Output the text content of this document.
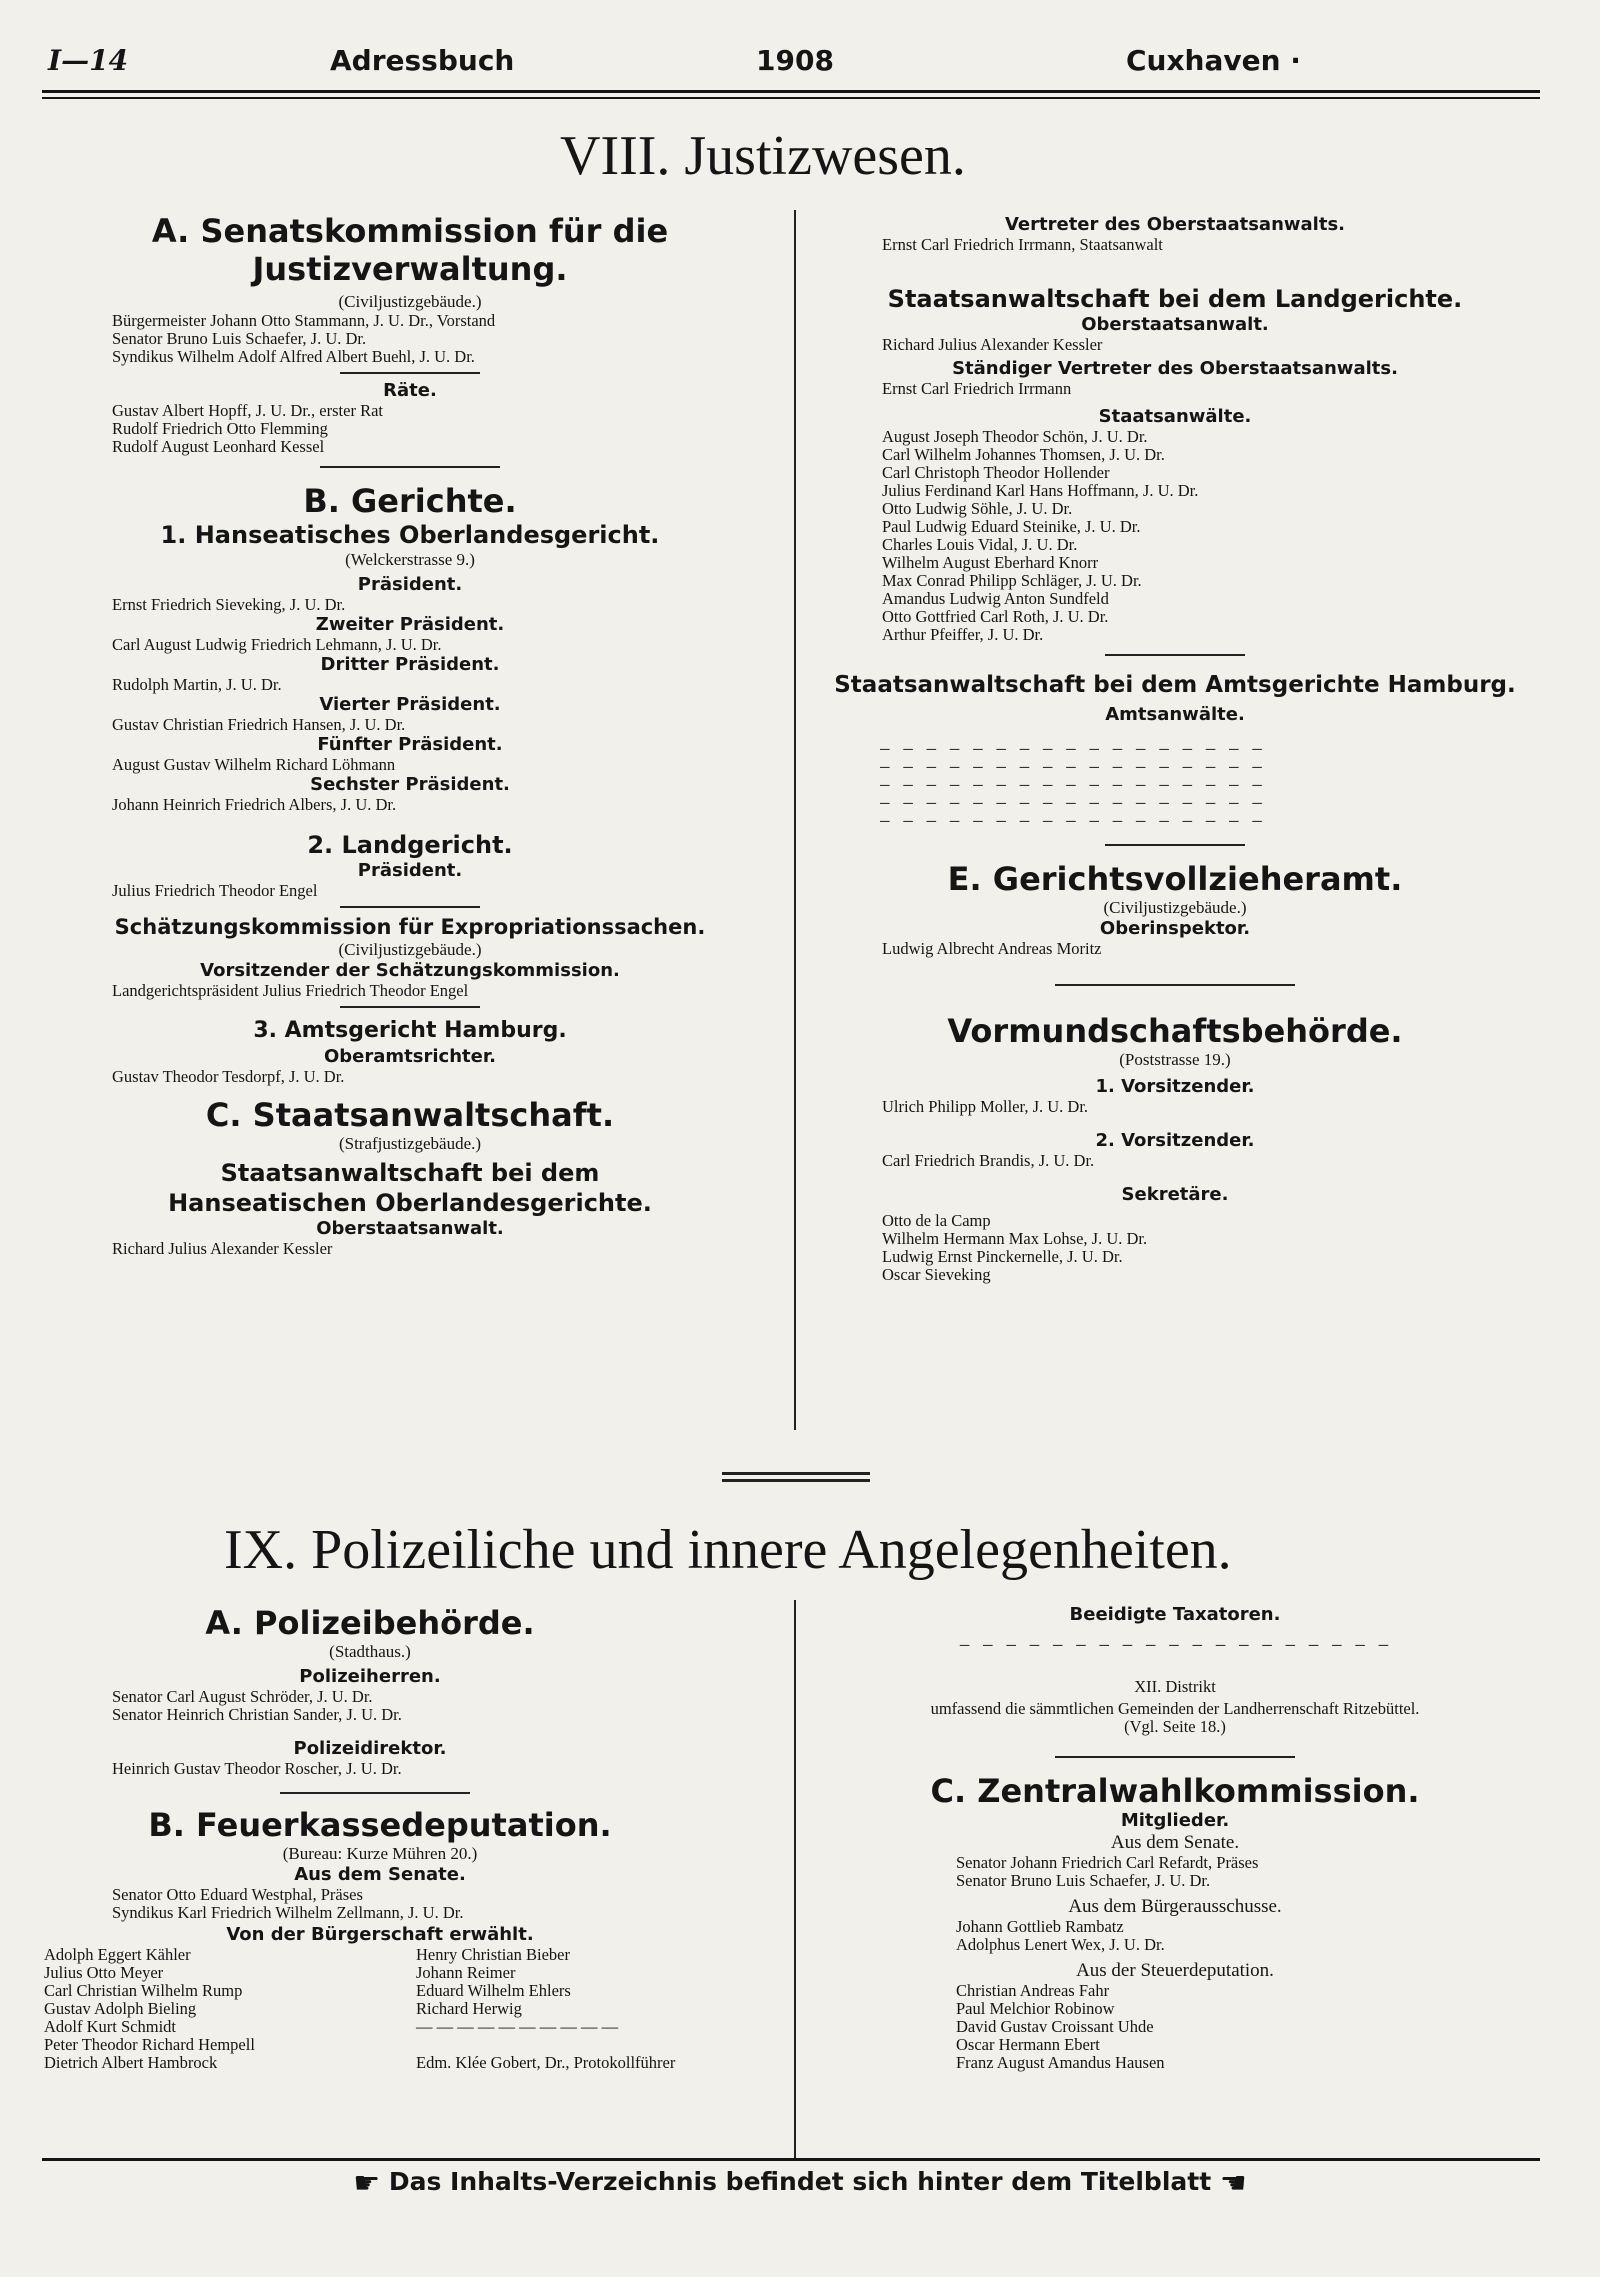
I—14	Adressbuch	1908	Cuxhaven ·
VIII. Justizwesen.
A. Senatskommission für die Justizverwaltung.
(Civiljustizgebäude.)
Bürgermeister Johann Otto Stammann, J. U. Dr., Vorstand
Senator Bruno Luis Schaefer, J. U. Dr.
Syndikus Wilhelm Adolf Alfred Albert Buehl, J. U. Dr.
Räte.
Gustav Albert Hopff, J. U. Dr., erster Rat
Rudolf Friedrich Otto Flemming
Rudolf August Leonhard Kessel
B. Gerichte.
1. Hanseatisches Oberlandesgericht.
(Welckerstrasse 9.)
Präsident.
Ernst Friedrich Sieveking, J. U. Dr.
Zweiter Präsident.
Carl August Ludwig Friedrich Lehmann, J. U. Dr.
Dritter Präsident.
Rudolph Martin, J. U. Dr.
Vierter Präsident.
Gustav Christian Friedrich Hansen, J. U. Dr.
Fünfter Präsident.
August Gustav Wilhelm Richard Löhmann
Sechster Präsident.
Johann Heinrich Friedrich Albers, J. U. Dr.
2. Landgericht.
Präsident.
Julius Friedrich Theodor Engel
Schätzungskommission für Expropriationssachen.
(Civiljustizgebäude.)
Vorsitzender der Schätzungskommission.
Landgerichtspräsident Julius Friedrich Theodor Engel
3. Amtsgericht Hamburg.
Oberamtsrichter.
Gustav Theodor Tesdorpf, J. U. Dr.
C. Staatsanwaltschaft.
(Strafjustizgebäude.)
Staatsanwaltschaft bei dem Hanseatischen Oberlandesgerichte.
Oberstaatsanwalt.
Richard Julius Alexander Kessler
Vertreter des Oberstaatsanwalts.
Ernst Carl Friedrich Irrmann, Staatsanwalt
Staatsanwaltschaft bei dem Landgerichte.
Oberstaatsanwalt.
Richard Julius Alexander Kessler
Ständiger Vertreter des Oberstaatsanwalts.
Ernst Carl Friedrich Irrmann
Staatsanwälte.
August Joseph Theodor Schön, J. U. Dr.
Carl Wilhelm Johannes Thomsen, J. U. Dr.
Carl Christoph Theodor Hollender
Julius Ferdinand Karl Hans Hoffmann, J. U. Dr.
Otto Ludwig Söhle, J. U. Dr.
Paul Ludwig Eduard Steinike, J. U. Dr.
Charles Louis Vidal, J. U. Dr.
Wilhelm August Eberhard Knorr
Max Conrad Philipp Schläger, J. U. Dr.
Amandus Ludwig Anton Sundfeld
Otto Gottfried Carl Roth, J. U. Dr.
Arthur Pfeiffer, J. U. Dr.
Staatsanwaltschaft bei dem Amtsgerichte Hamburg.
Amtsanwälte.
— — — — — — — — — — — — — — — — —
— — — — — — — — — — — — — — — — —
— — — — — — — — — — — — — — — — —
— — — — — — — — — — — — — — — — —
— — — — — — — — — — — — — — — — —
E. Gerichtsvollzieheramt.
(Civiljustizgebäude.)
Oberinspektor.
Ludwig Albrecht Andreas Moritz
Vormundschaftsbehörde.
(Poststrasse 19.)
1. Vorsitzender.
Ulrich Philipp Moller, J. U. Dr.
2. Vorsitzender.
Carl Friedrich Brandis, J. U. Dr.
Sekretäre.
Otto de la Camp
Wilhelm Hermann Max Lohse, J. U. Dr.
Ludwig Ernst Pinckernelle, J. U. Dr.
Oscar Sieveking
IX. Polizeiliche und innere Angelegenheiten.
A. Polizeibehörde.
(Stadthaus.)
Polizeiherren.
Senator Carl August Schröder, J. U. Dr.
Senator Heinrich Christian Sander, J. U. Dr.
Polizeidirektor.
Heinrich Gustav Theodor Roscher, J. U. Dr.
B. Feuerkassedeputation.
(Bureau: Kurze Mühren 20.)
Aus dem Senate.
Senator Otto Eduard Westphal, Präses
Syndikus Karl Friedrich Wilhelm Zellmann, J. U. Dr.
Von der Bürgerschaft erwählt.
Adolph Eggert Kähler
Julius Otto Meyer
Carl Christian Wilhelm Rump
Gustav Adolph Bieling
Adolf Kurt Schmidt
Peter Theodor Richard Hempell
Dietrich Albert Hambrock
Henry Christian Bieber
Johann Reimer
Eduard Wilhelm Ehlers
Richard Herwig
— — — — — — — — — —
Edm. Klée Gobert, Dr., Protokollführer
Beeidigte Taxatoren.
— — — — — — — — — — — — — — — — — — —
XII. Distrikt
umfassend die sämmtlichen Gemeinden der Landherrenschaft Ritzebüttel.
(Vgl. Seite 18.)
C. Zentralwahlkommission.
Mitglieder.
Aus dem Senate.
Senator Johann Friedrich Carl Refardt, Präses
Senator Bruno Luis Schaefer, J. U. Dr.
Aus dem Bürgerausschusse.
Johann Gottlieb Rambatz
Adolphus Lenert Wex, J. U. Dr.
Aus der Steuerdeputation.
Christian Andreas Fahr
Paul Melchior Robinow
David Gustav Croissant Uhde
Oscar Hermann Ebert
Franz August Amandus Hausen
☛ Das Inhalts-Verzeichnis befindet sich hinter dem Titelblatt ☚
